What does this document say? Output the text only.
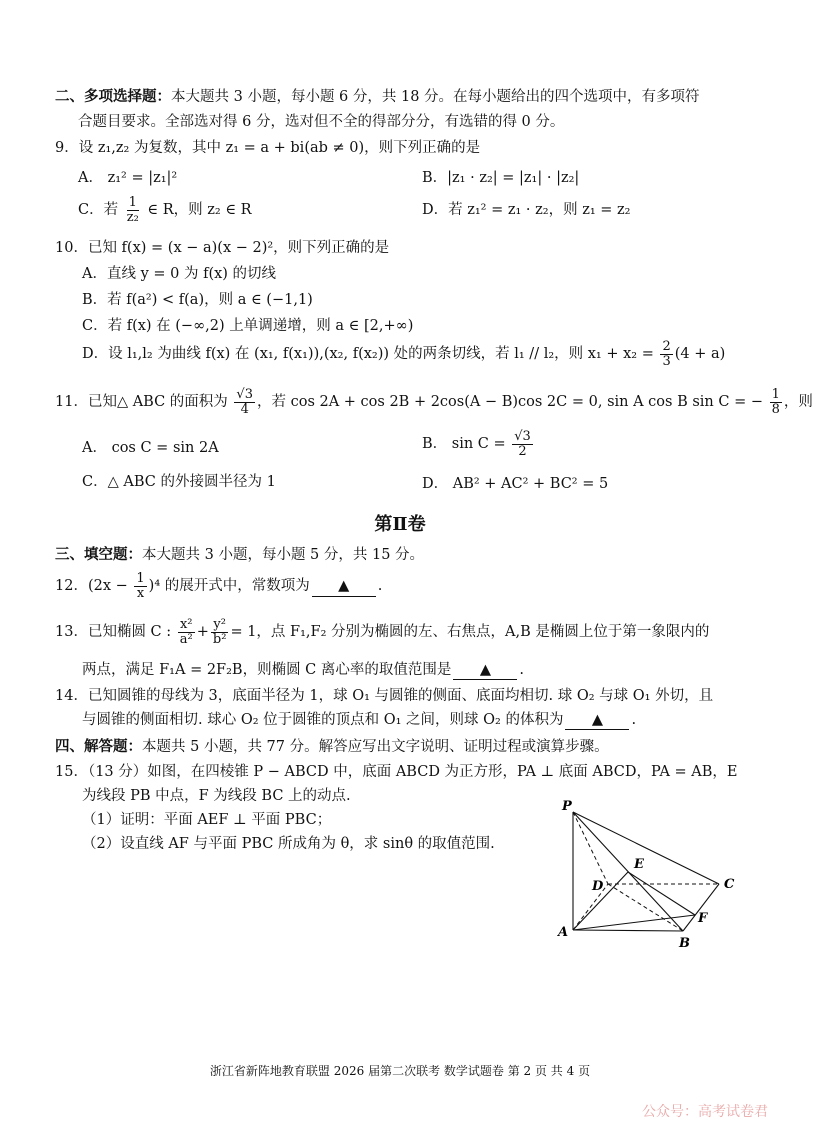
二、多项选择题：本大题共 3 小题，每小题 6 分，共 18 分。在每小题给出的四个选项中，有多项符
合题目要求。全部选对得 6 分，选对但不全的得部分分，有选错的得 0 分。
9．设 z₁,z₂ 为复数，其中 z₁ = a + bi(ab ≠ 0)，则下列正确的是
A． z₁² = |z₁|²	B．|z₁ · z₂| = |z₁| · |z₂|
C．若 $\frac{1}{\text{z₂}}$ ∈ R，则 z₂ ∈ R	D．若 z₁² = z₁ · z₂，则 z₁ = z₂
10．已知 f(x) = (x − a)(x − 2)²，则下列正确的是
A．直线 y = 0 为 f(x) 的切线
B．若 f(a²) < f(a)，则 a ∈ (−1,1)
C．若 f(x) 在 (−∞,2) 上单调递增，则 a ∈ [2,+∞)
D．设 l₁,l₂ 为曲线 f(x) 在 (x₁, f(x₁)),(x₂, f(x₂)) 处的两条切线，若 l₁ // l₂，则 $x_1 + x_2 = \frac{2}{3} (4 + a)$
11．已知△ ABC 的面积为 $\frac{√3}{4}$ ，若 cos 2A + cos 2B + 2cos(A − B)cos 2C = 0, sin A cos B sin C = − $\frac{1}{8}$ ，则
A． cos C = sin 2A	B． $\sin C = \frac{√3}{2}$
C．△ ABC 的外接圆半径为 1	D． AB² + AC² + BC² = 5
第Ⅱ卷
三、填空题：本大题共 3 小题，每小题 5 分，共 15 分。
12．$(2x - \frac{1}{x} )^4$ 的展开式中，常数项为 ▲ .
13．已知椭圆 C : $\frac{\text{x²}}{\text{a²}} + \frac{\text{y²}}{\text{b²}} = 1$，点 F₁,F₂ 分别为椭圆的左、右焦点，A,B 是椭圆上位于第一象限内的
两点，满足 F₁A = 2F₂B，则椭圆 C 离心率的取值范围是 ▲ .
14．已知圆锥的母线为 3，底面半径为 1，球 O₁ 与圆锥的侧面、底面均相切. 球 O₂ 与球 O₁ 外切，且
与圆锥的侧面相切. 球心 O₂ 位于圆锥的顶点和 O₁ 之间，则球 O₂ 的体积为 ▲ .
四、解答题：本题共 5 小题，共 77 分。解答应写出文字说明、证明过程或演算步骤。
15．（13 分）如图，在四棱锥 P − ABCD 中，底面 ABCD 为正方形，PA ⊥ 底面 ABCD，PA = AB，E
为线段 PB 中点，F 为线段 BC 上的动点.
（1）证明：平面 AEF ⊥ 平面 PBC；
（2）设直线 AF 与平面 PBC 所成角为 θ，求 sinθ 的取值范围.
P
A
B
C
D
E
F
浙江省新阵地教育联盟 2026 届第二次联考 数学试题卷 第 2 页 共 4 页
公众号：高考试卷君
